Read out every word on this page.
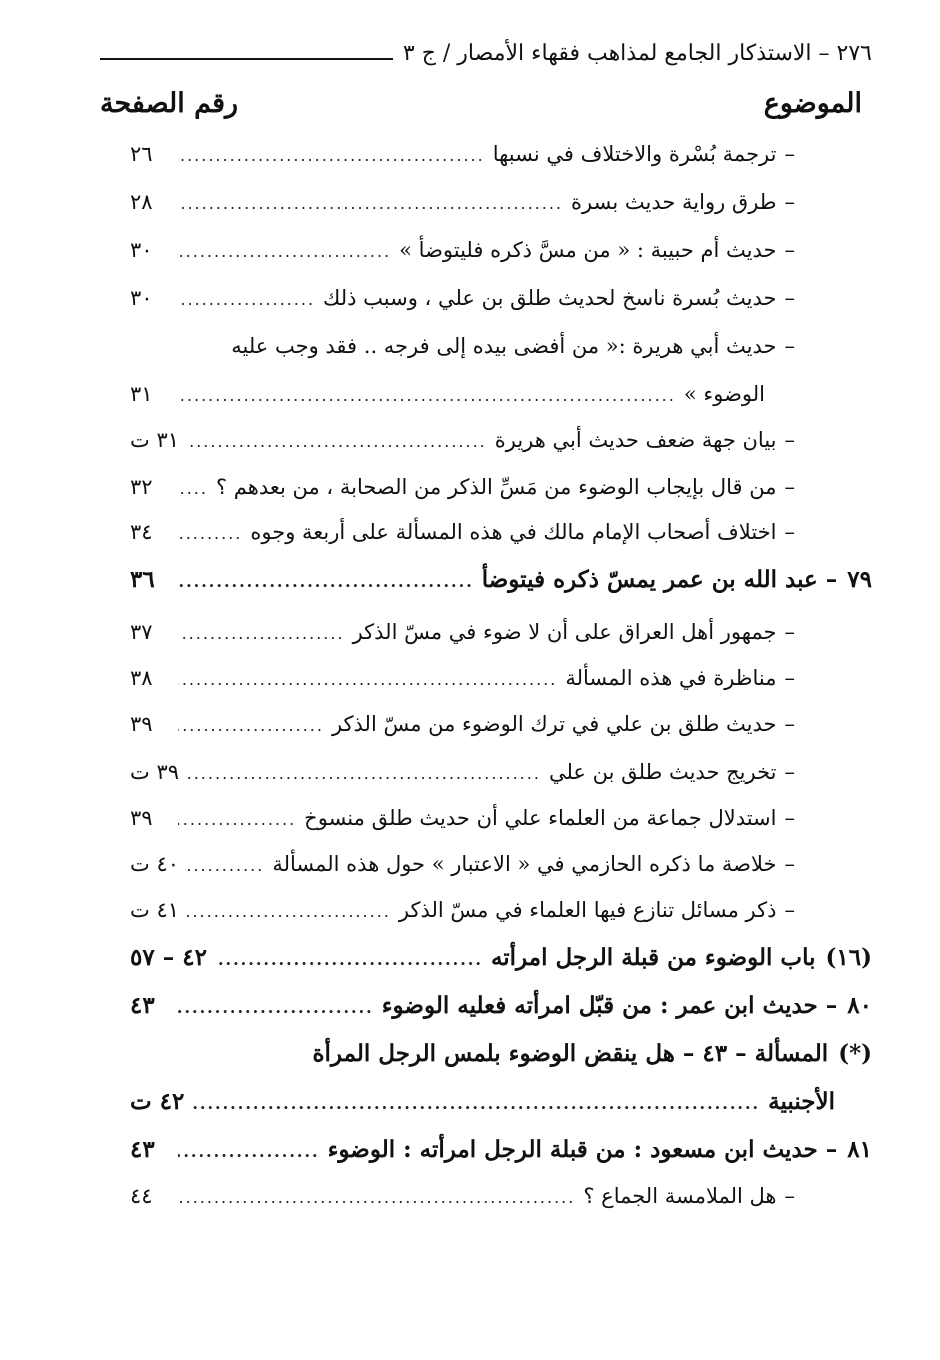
٢٧٦ – الاستذكار الجامع لمذاهب فقهاء الأمصار / ج ٣
الموضوع
رقم الصفحة
–
ترجمة بُسْرة والاختلاف في نسبها
.....
٢٦
–
طرق رواية حديث بسرة
.....
٢٨
–
حديث أم حبيبة : « من مسَّ ذكره فليتوضأ »
.....
٣٠
–
حديث بُسرة ناسخ لحديث طلق بن علي ، وسبب ذلك
.....
٣٠
–
حديث أبي هريرة :« من أفضى بيده إلى فرجه .. فقد وجب عليه
الوضوء »
.....
٣١
–
بيان جهة ضعف حديث أبي هريرة
.....
٣١ ت
–
من قال بإيجاب الوضوء من مَسِّ الذكر من الصحابة ، من بعدهم ؟
.....
٣٢
–
اختلاف أصحاب الإمام مالك في هذه المسألة على أربعة وجوه
.....
٣٤
٧٩
–
عبد الله بن عمر يمسّ ذكره فيتوضأ
.....
٣٦
–
جمهور أهل العراق على أن لا ضوء في مسّ الذكر
.....
٣٧
–
مناظرة في هذه المسألة
.....
٣٨
–
حديث طلق بن علي في ترك الوضوء من مسّ الذكر
.....
٣٩
–
تخريج حديث طلق بن علي
.....
٣٩ ت
–
استدلال جماعة من العلماء علي أن حديث طلق منسوخ
.....
٣٩
–
خلاصة ما ذكره الحازمي في « الاعتبار » حول هذه المسألة
.....
٤٠ ت
–
ذكر مسائل تنازع فيها العلماء في مسّ الذكر
.....
٤١ ت
(١٦)
باب الوضوء من قبلة الرجل امرأته
.....
٤٢ – ٥٧
٨٠
–
حديث ابن عمر : من قبّل امرأته فعليه الوضوء
.....
٤٣
(*)
المسألة – ٤٣ – هل ينقض الوضوء بلمس الرجل المرأة
الأجنبية
.....
٤٢ ت
٨١
–
حديث ابن مسعود : من قبلة الرجل امرأته : الوضوء
.....
٤٣
–
هل الملامسة الجماع ؟
.....
٤٤
